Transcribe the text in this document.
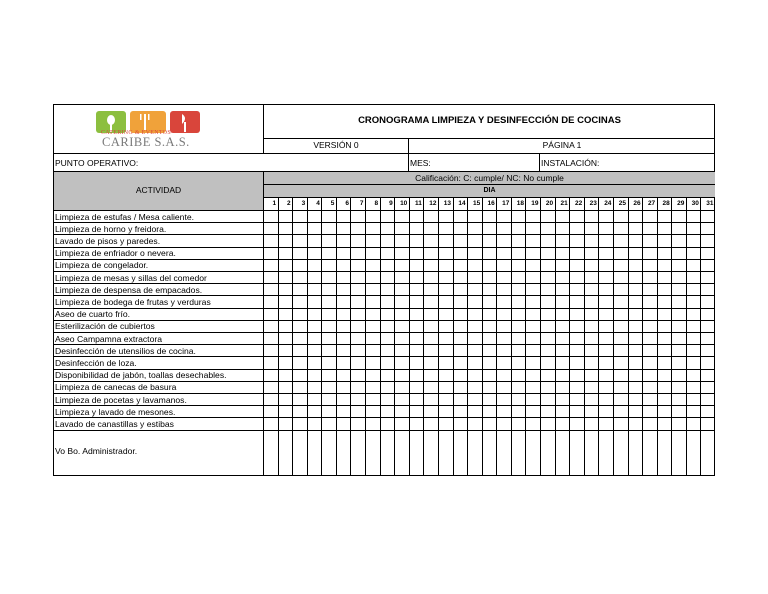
CATERING & EVENTOS
CARIBE S.A.S.
CRONOGRAMA LIMPIEZA Y DESINFECCIÓN DE COCINAS
VERSIÓN 0	PÁGINA 1
PUNTO OPERATIVO:	MES:	INSTALACIÓN:
ACTIVIDAD
Calificación: C: cumple/ NC: No cumple
DIA
1	2	3	4	5	6	7	8	9	10	11	12	13	14	15	16	17	18	19	20	21	22	23	24	25	26	27	28	29	30	31
Limpieza de estufas / Mesa caliente.
Limpieza de horno y freidora.
Lavado de pisos y paredes.
Limpieza de enfriador o nevera.
Limpieza de congelador.
Limpieza de mesas y sillas del comedor
Limpieza de despensa de empacados.
Limpieza de bodega de frutas y verduras
Aseo de cuarto frío.
Esterilización de cubiertos
Aseo Campamna extractora
Desinfección de utensilios de cocina.
Desinfección de loza.
Disponibilidad de jabón, toallas desechables.
Limpieza de canecas de basura
Limpieza de pocetas y lavamanos.
Limpieza y lavado de mesones.
Lavado de canastillas y estibas
Vo Bo. Administrador.
